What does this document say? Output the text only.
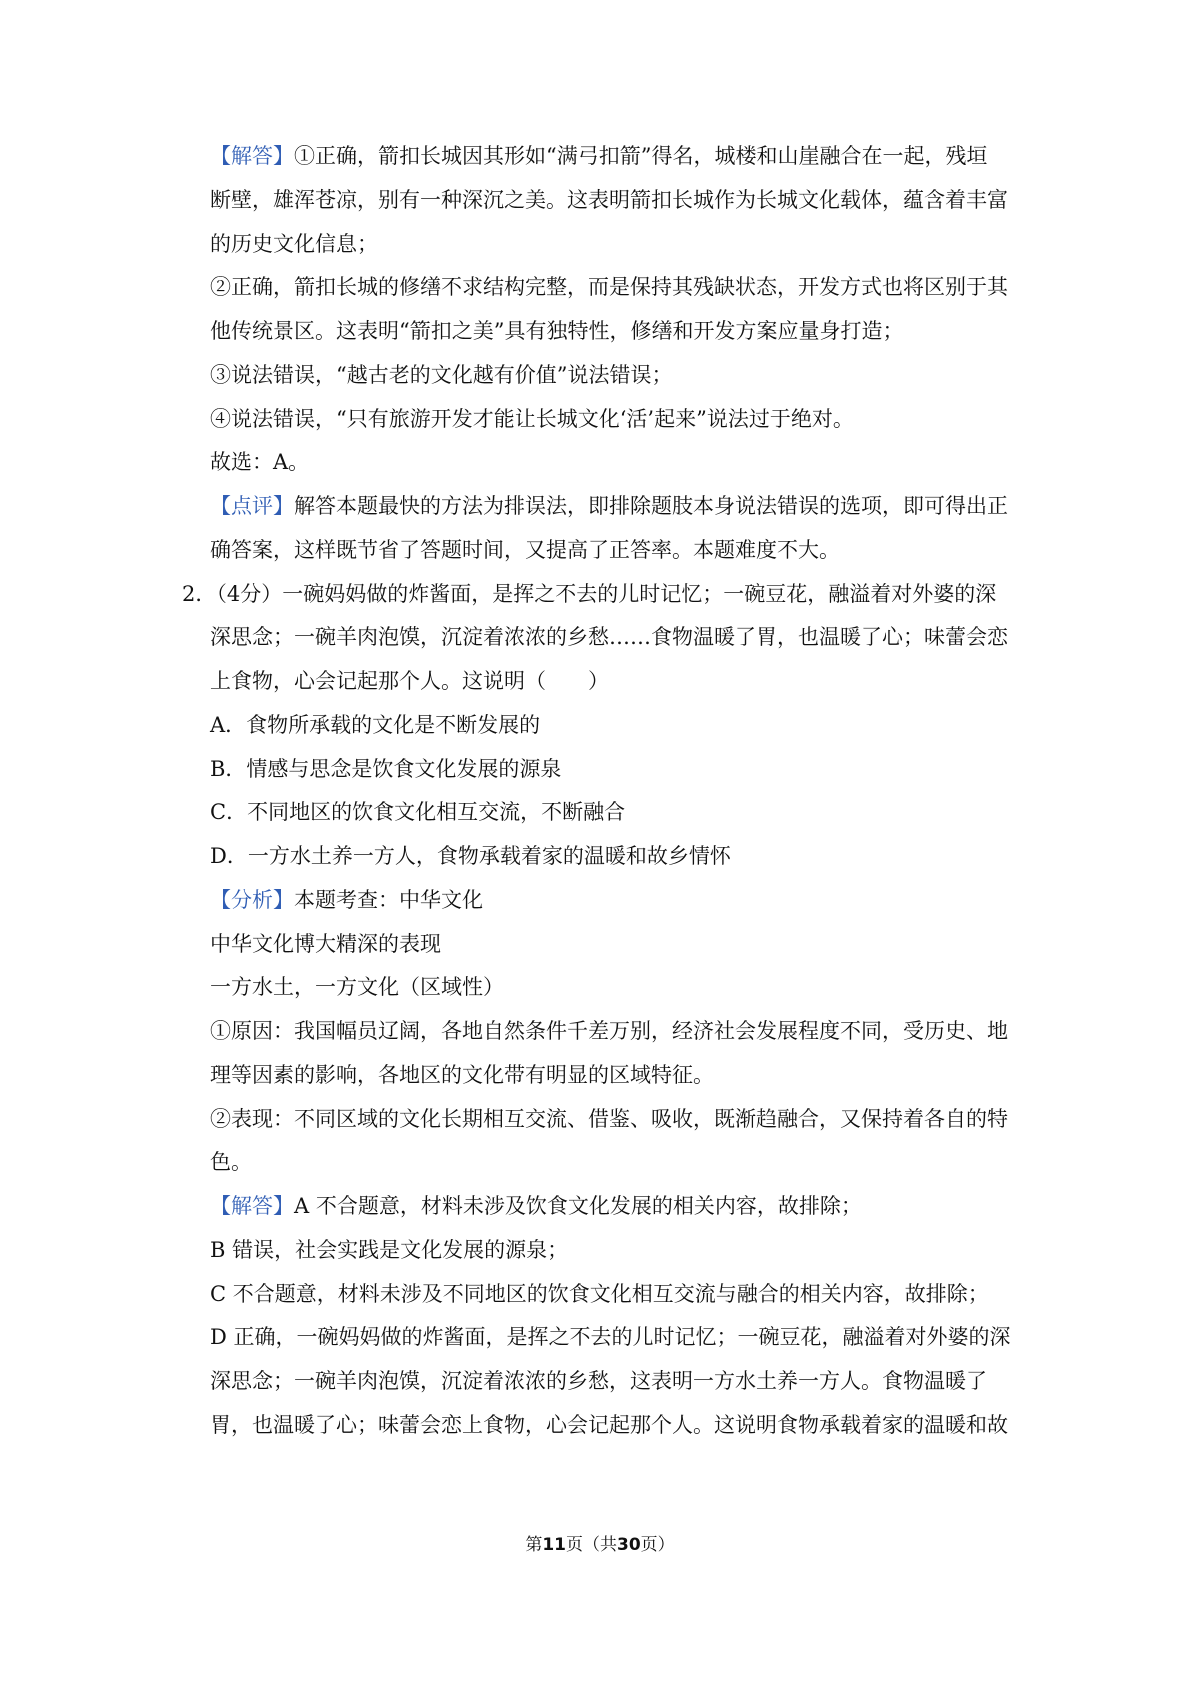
【解答】①正确，箭扣长城因其形如“满弓扣箭”得名，城楼和山崖融合在一起，残垣
断壁，雄浑苍凉，别有一种深沉之美。这表明箭扣长城作为长城文化载体，蕴含着丰富
的历史文化信息；
②正确，箭扣长城的修缮不求结构完整，而是保持其残缺状态，开发方式也将区别于其
他传统景区。这表明“箭扣之美”具有独特性，修缮和开发方案应量身打造；
③说法错误，“越古老的文化越有价值”说法错误；
④说法错误，“只有旅游开发才能让长城文化‘活’起来”说法过于绝对。
故选：A。
【点评】解答本题最快的方法为排误法，即排除题肢本身说法错误的选项，即可得出正
确答案，这样既节省了答题时间，又提高了正答率。本题难度不大。
2．（4分）一碗妈妈做的炸酱面，是挥之不去的儿时记忆；一碗豆花，融溢着对外婆的深
深思念；一碗羊肉泡馍，沉淀着浓浓的乡愁……食物温暖了胃，也温暖了心；味蕾会恋
上食物，心会记起那个人。这说明（　　）
A．食物所承载的文化是不断发展的
B．情感与思念是饮食文化发展的源泉
C．不同地区的饮食文化相互交流，不断融合
D．一方水土养一方人，食物承载着家的温暖和故乡情怀
【分析】本题考查：中华文化
中华文化博大精深的表现
一方水土，一方文化（区域性）
①原因：我国幅员辽阔，各地自然条件千差万别，经济社会发展程度不同，受历史、地
理等因素的影响，各地区的文化带有明显的区域特征。
②表现：不同区域的文化长期相互交流、借鉴、吸收，既渐趋融合，又保持着各自的特
色。
【解答】A 不合题意，材料未涉及饮食文化发展的相关内容，故排除；
B 错误，社会实践是文化发展的源泉；
C 不合题意，材料未涉及不同地区的饮食文化相互交流与融合的相关内容，故排除；
D 正确，一碗妈妈做的炸酱面，是挥之不去的儿时记忆；一碗豆花，融溢着对外婆的深
深思念；一碗羊肉泡馍，沉淀着浓浓的乡愁，这表明一方水土养一方人。食物温暖了
胃，也温暖了心；味蕾会恋上食物，心会记起那个人。这说明食物承载着家的温暖和故
第11页（共30页）
